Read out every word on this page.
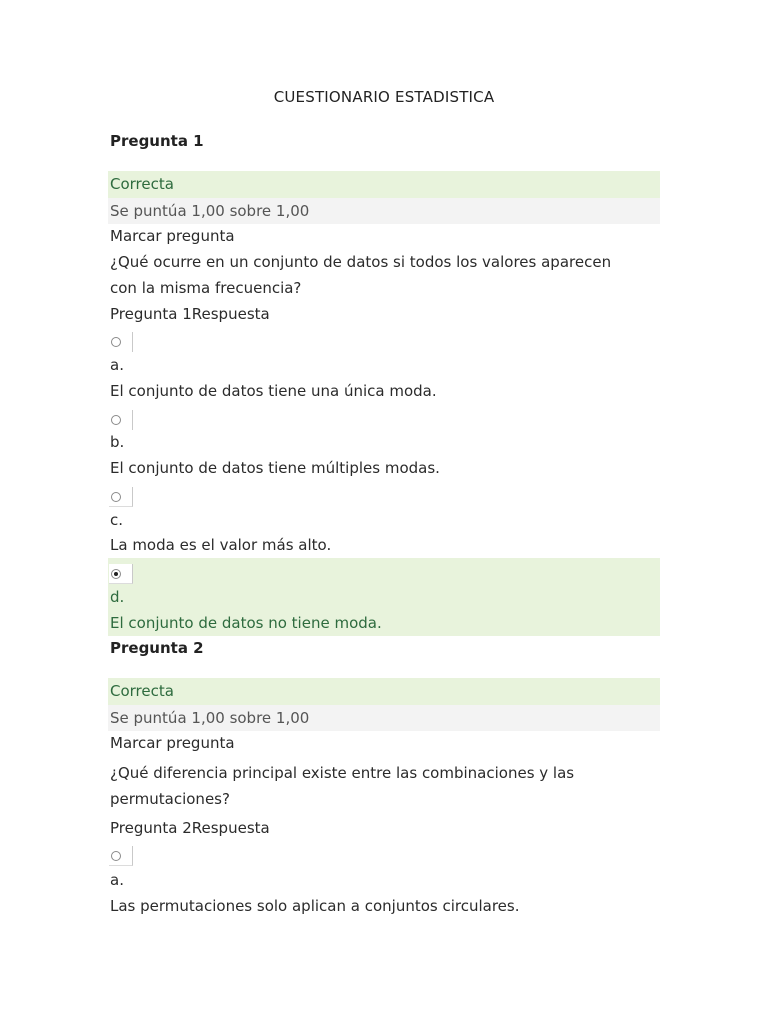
CUESTIONARIO ESTADISTICA
Pregunta 1
Correcta
Se puntúa 1,00 sobre 1,00
Marcar pregunta
¿Qué ocurre en un conjunto de datos si todos los valores aparecen
con la misma frecuencia?
Pregunta 1Respuesta
a.
El conjunto de datos tiene una única moda.
b.
El conjunto de datos tiene múltiples modas.
c.
La moda es el valor más alto.
d.
El conjunto de datos no tiene moda.
Pregunta 2
Correcta
Se puntúa 1,00 sobre 1,00
Marcar pregunta
¿Qué diferencia principal existe entre las combinaciones y las
permutaciones?
Pregunta 2Respuesta
a.
Las permutaciones solo aplican a conjuntos circulares.
